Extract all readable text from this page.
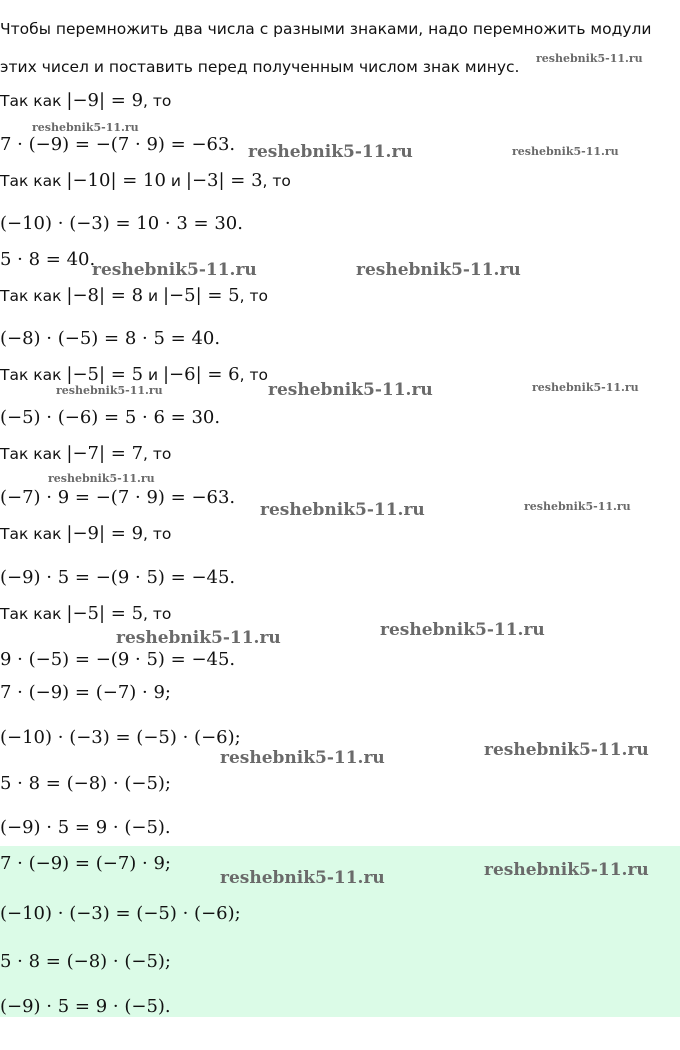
Чтобы перемножить два числа с разными знаками, надо перемножить модули

этих чисел и поставить перед полученным числом знак минус.

Так как |−9| = 9, то

7 · (−9) = −(7 · 9) = −63.

Так как |−10| = 10 и |−3| = 3, то

(−10) · (−3) = 10 · 3 = 30.

5 · 8 = 40.

Так как |−8| = 8 и |−5| = 5, то

(−8) · (−5) = 8 · 5 = 40.

Так как |−5| = 5 и |−6| = 6, то

(−5) · (−6) = 5 · 6 = 30.

Так как |−7| = 7, то

(−7) · 9 = −(7 · 9) = −63.

Так как |−9| = 9, то

(−9) · 5 = −(9 · 5) = −45.

Так как |−5| = 5, то

9 · (−5) = −(9 · 5) = −45.

7 · (−9) = (−7) · 9;

(−10) · (−3) = (−5) · (−6);

5 · 8 = (−8) · (−5);

(−9) · 5 = 9 · (−5).

7 · (−9) = (−7) · 9;

(−10) · (−3) = (−5) · (−6);

5 · 8 = (−8) · (−5);

(−9) · 5 = 9 · (−5).

reshebnik5-11.ru
reshebnik5-11.ru
reshebnik5-11.ru	reshebnik5-11.ru
reshebnik5-11.ru	reshebnik5-11.ru
reshebnik5-11.ru	reshebnik5-11.ru	reshebnik5-11.ru
reshebnik5-11.ru
reshebnik5-11.ru	reshebnik5-11.ru
reshebnik5-11.ru	reshebnik5-11.ru
reshebnik5-11.ru	reshebnik5-11.ru
reshebnik5-11.ru	reshebnik5-11.ru
